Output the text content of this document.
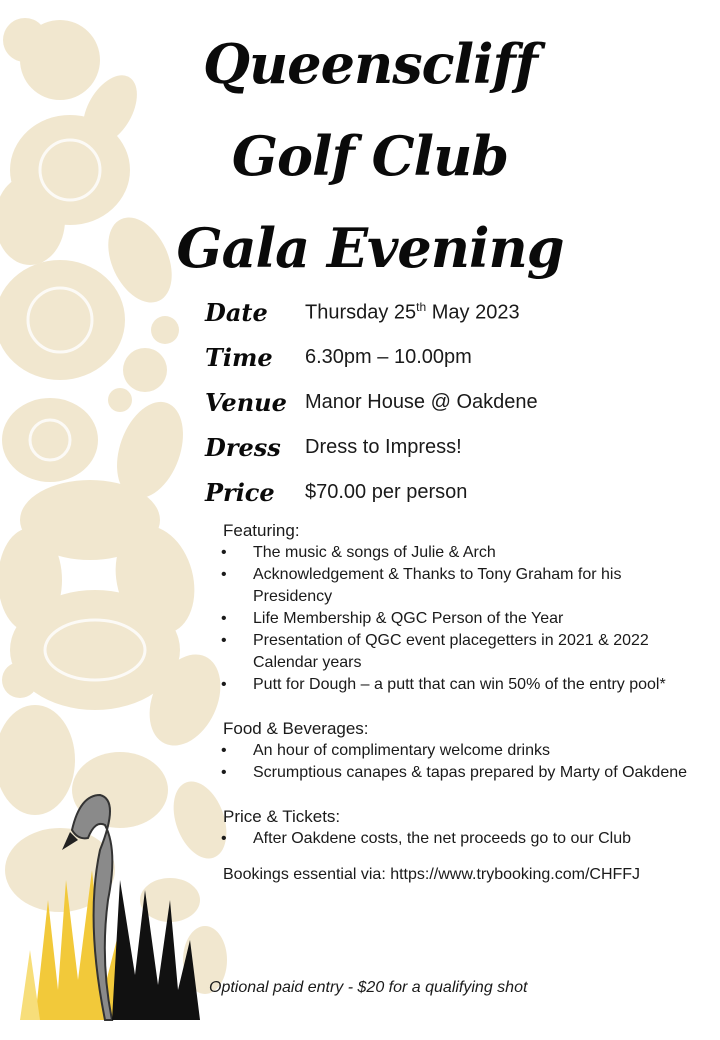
Queenscliff
Golf Club
Gala Evening
Date	Thursday 25th May 2023
Time	6.30pm – 10.00pm
Venue Manor House @ Oakdene
Dress	Dress to Impress!
Price	$70.00 per person

Featuring:

• The music & songs of Julie & Arch
• Acknowledgement & Thanks to Tony Graham for his Presidency
• Life Membership & QGC Person of the Year
• Presentation of QGC event placegetters in 2021 & 2022 Calendar years
• Putt for Dough – a putt that can win 50% of the entry pool*

Food & Beverages:

• An hour of complimentary welcome drinks
• Scrumptious canapes & tapas prepared by Marty of Oakdene

Price & Tickets:

• After Oakdene costs, the net proceeds go to our Club

Bookings essential via: https://www.trybooking.com/CHFFJ

Optional paid entry - $20 for a qualifying shot
